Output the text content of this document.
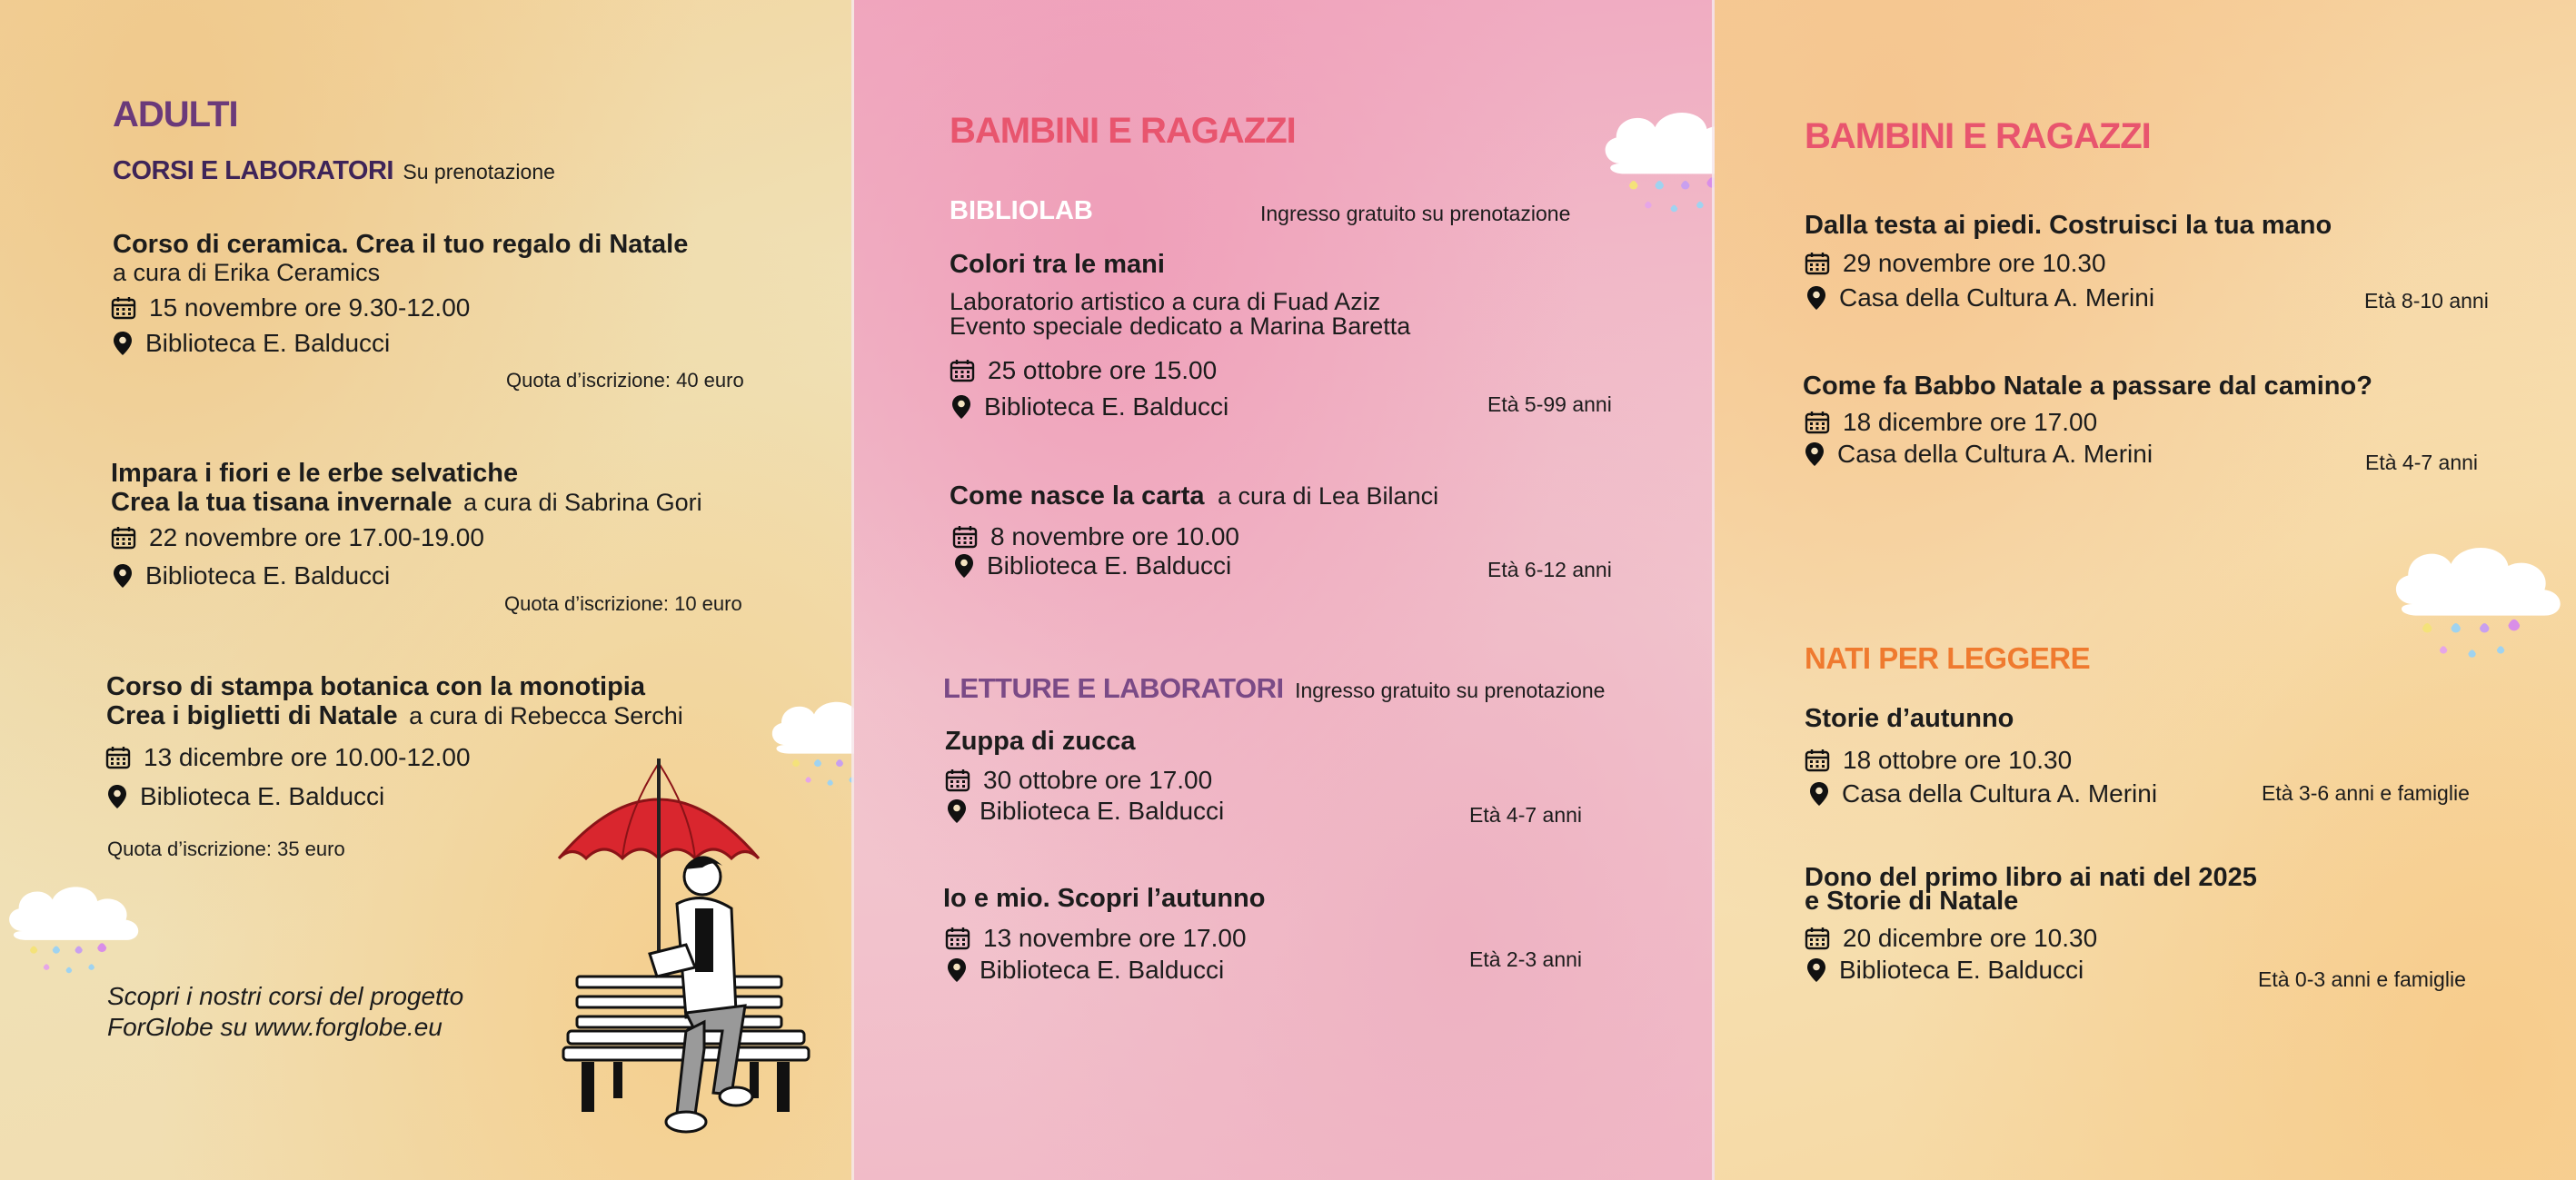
ADULTI
CORSI E LABORATORI Su prenotazione
Corso di ceramica. Crea il tuo regalo di Natale
a cura di Erika Ceramics
15 novembre ore 9.30-12.00
Biblioteca E. Balducci
Quota d’iscrizione: 40 euro
Impara i fiori e le erbe selvatiche
Crea la tua tisana invernale a cura di Sabrina Gori
22 novembre ore 17.00-19.00
Biblioteca E. Balducci
Quota d’iscrizione: 10 euro
Corso di stampa botanica con la monotipia
Crea i biglietti di Natale a cura di Rebecca Serchi
13 dicembre ore 10.00-12.00
Biblioteca E. Balducci
Quota d’iscrizione: 35 euro
Scopri i nostri corsi del progetto
ForGlobe su www.forglobe.eu
BAMBINI E RAGAZZI
BIBLIOLAB	Ingresso gratuito su prenotazione
Colori tra le mani
Laboratorio artistico a cura di Fuad Aziz
Evento speciale dedicato a Marina Baretta
25 ottobre ore 15.00
Biblioteca E. Balducci	Età 5-99 anni
Come nasce la carta a cura di Lea Bilanci
8 novembre ore 10.00
Biblioteca E. Balducci	Età 6-12 anni
LETTURE E LABORATORI Ingresso gratuito su prenotazione
Zuppa di zucca
30 ottobre ore 17.00
Biblioteca E. Balducci	Età 4-7 anni
Io e mio. Scopri l’autunno
13 novembre ore 17.00
Biblioteca E. Balducci	Età 2-3 anni
BAMBINI E RAGAZZI
Dalla testa ai piedi. Costruisci la tua mano
29 novembre ore 10.30
Casa della Cultura A. Merini	Età 8-10 anni
Come fa Babbo Natale a passare dal camino?
18 dicembre ore 17.00
Casa della Cultura A. Merini	Età 4-7 anni
NATI PER LEGGERE
Storie d’autunno
18 ottobre ore 10.30
Casa della Cultura A. Merini	Età 3-6 anni e famiglie
Dono del primo libro ai nati del 2025
e Storie di Natale
20 dicembre ore 10.30
Biblioteca E. Balducci	Età 0-3 anni e famiglie
